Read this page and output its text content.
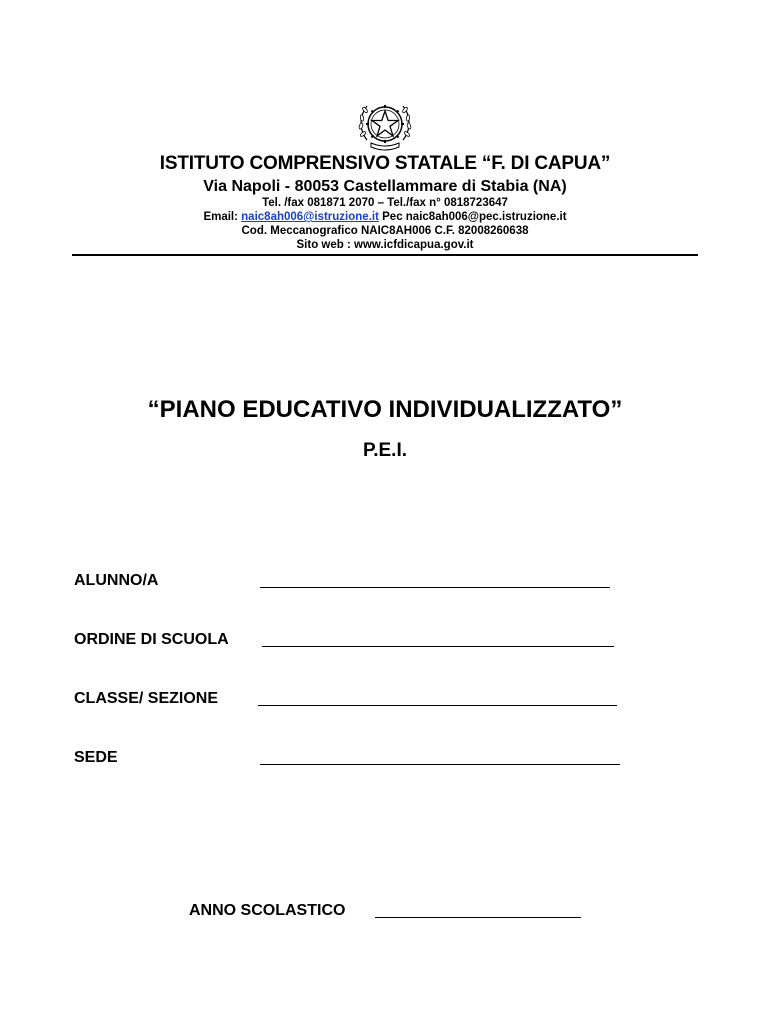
ISTITUTO COMPRENSIVO STATALE “F. DI CAPUA”
Via Napoli - 80053 Castellammare di Stabia (NA)
Tel. /fax 081871 2070 – Tel./fax n° 0818723647
Email: naic8ah006@istruzione.it Pec naic8ah006@pec.istruzione.it
Cod. Meccanografico NAIC8AH006 C.F. 82008260638
Sito web : www.icfdicapua.gov.it
“PIANO EDUCATIVO INDIVIDUALIZZATO”
P.E.I.
ALUNNO/A
ORDINE DI SCUOLA
CLASSE/ SEZIONE
SEDE
ANNO SCOLASTICO
